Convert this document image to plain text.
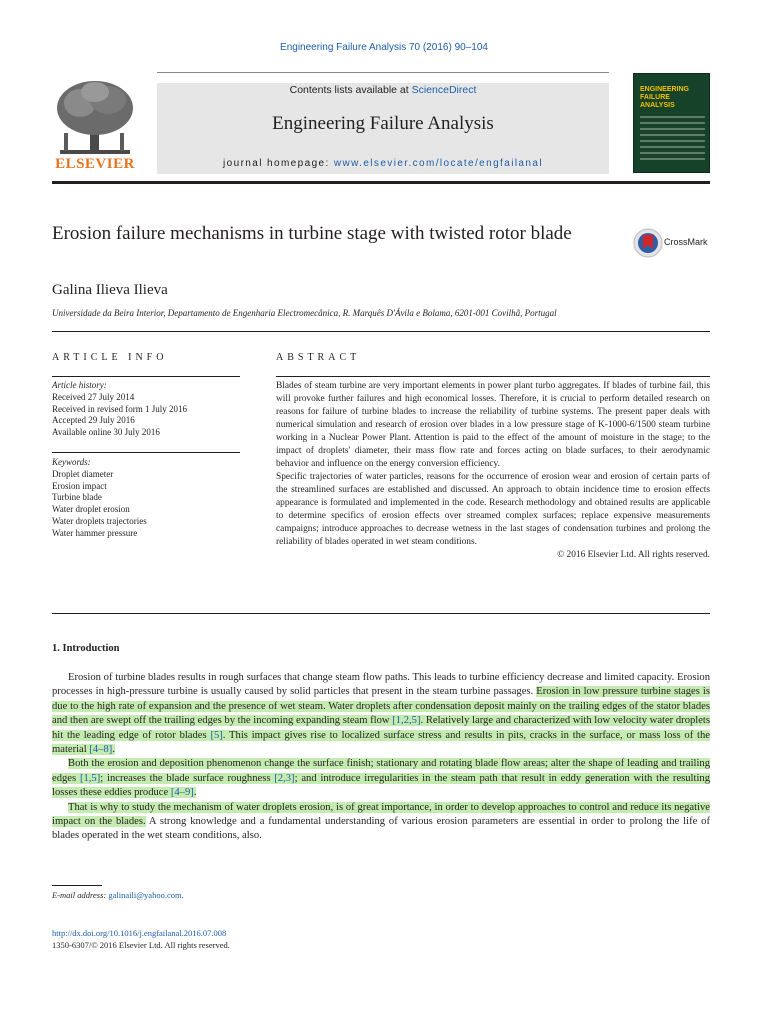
Engineering Failure Analysis 70 (2016) 90–104
ELSEVIER
Contents lists available at ScienceDirect
Engineering Failure Analysis
journal homepage: www.elsevier.com/locate/engfailanal
ENGINEERING FAILURE ANALYSIS
Erosion failure mechanisms in turbine stage with twisted rotor blade	CrossMark
Galina Ilieva Ilieva
Universidade da Beira Interior, Departamento de Engenharia Electromecânica, R. Marquês D'Ávila e Bolama, 6201-001 Covilhã, Portugal
ARTICLE INFO
Article history:
Received 27 July 2014
Received in revised form 1 July 2016
Accepted 29 July 2016
Available online 30 July 2016
Keywords:
Droplet diameter
Erosion impact
Turbine blade
Water droplet erosion
Water droplets trajectories
Water hammer pressure
ABSTRACT

Blades of steam turbine are very important elements in power plant turbo aggregates. If blades of turbine fail, this will provoke further failures and high economical losses. Therefore, it is crucial to perform detailed research on reasons for failure of turbine blades to increase the reliability of turbine systems. The present paper deals with numerical simulation and research of erosion over blades in a low pressure stage of K-1000-6/1500 steam turbine working in a Nuclear Power Plant. Attention is paid to the effect of the amount of moisture in the stage; to the impact of droplets' diameter, their mass flow rate and forces acting on blade surfaces, to their aerodynamic behavior and influence on the energy conversion efficiency.

Specific trajectories of water particles, reasons for the occurrence of erosion wear and erosion of certain parts of the streamlined surfaces are established and discussed. An approach to obtain incidence time to erosion effects appearance is formulated and implemented in the code. Research methodology and obtained results are applicable to determine specifics of erosion effects over streamed complex surfaces; replace expensive measurements campaigns; introduce approaches to decrease wetness in the last stages of condensation turbines and prolong the reliability of blades operated in wet steam conditions.

© 2016 Elsevier Ltd. All rights reserved.

1. Introduction

Erosion of turbine blades results in rough surfaces that change steam flow paths. This leads to turbine efficiency decrease and limited capacity. Erosion processes in high-pressure turbine is usually caused by solid particles that present in the steam turbine passages. Erosion in low pressure turbine stages is due to the high rate of expansion and the presence of wet steam. Water droplets after condensation deposit mainly on the trailing edges of the stator blades and then are swept off the trailing edges by the incoming expanding steam flow [1,2,5]. Relatively large and characterized with low velocity water droplets hit the leading edge of rotor blades [5]. This impact gives rise to localized surface stress and results in pits, cracks in the surface, or mass loss of the material [4–8].

Both the erosion and deposition phenomenon change the surface finish; stationary and rotating blade flow areas; alter the shape of leading and trailing edges [1,5]; increases the blade surface roughness [2,3]; and introduce irregularities in the steam path that result in eddy generation with the resulting losses these eddies produce [4–9].

That is why to study the mechanism of water droplets erosion, is of great importance, in order to develop approaches to control and reduce its negative impact on the blades. A strong knowledge and a fundamental understanding of various erosion parameters are essential in order to prolong the life of blades operated in the wet steam conditions, also.

E-mail address: galinaili@yahoo.com.
http://dx.doi.org/10.1016/j.engfailanal.2016.07.008
1350-6307/© 2016 Elsevier Ltd. All rights reserved.
